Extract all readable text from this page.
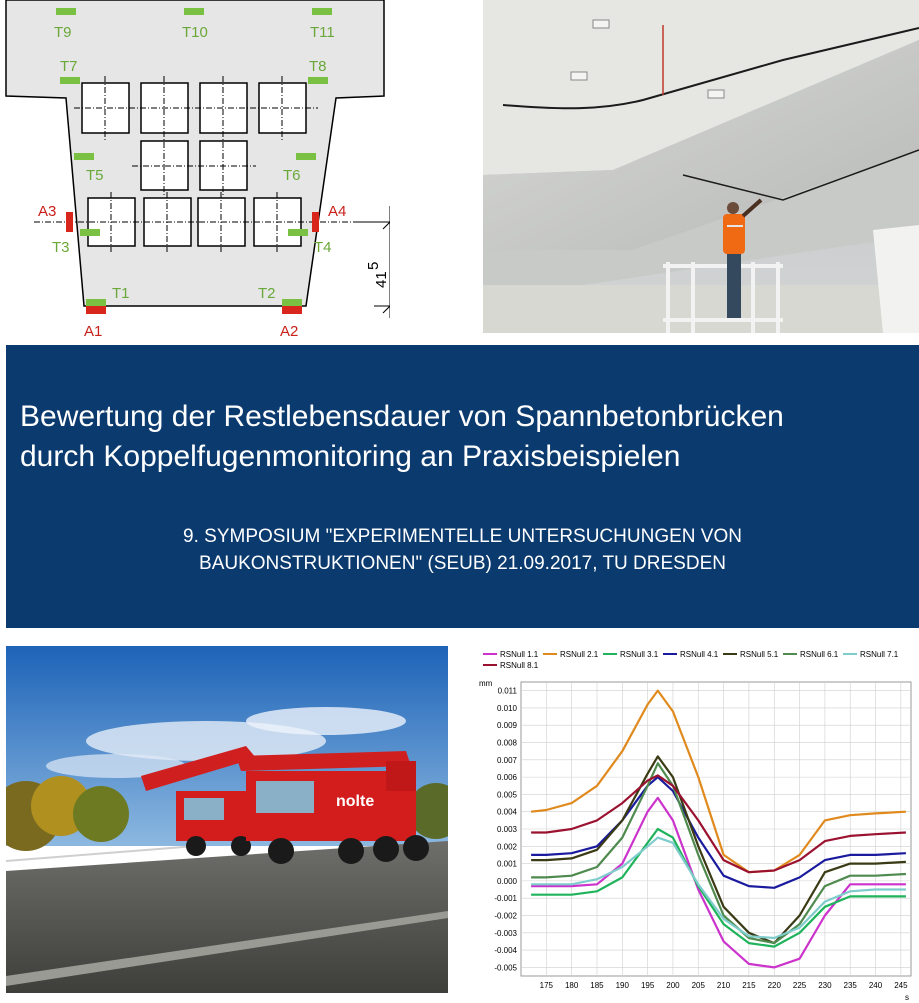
T9	T10	T11
T7	T8
T5	T6
T3	T4
T1	T2
A3	A4
A1	A2
41
5
Bewertung der Restlebensdauer von Spannbetonbrücken
durch Koppelfugenmonitoring an Praxisbeispielen
9. SYMPOSIUM "EXPERIMENTELLE UNTERSUCHUNGEN VON
BAUKONSTRUKTIONEN" (SEUB) 21.09.2017, TU DRESDEN
nolte
0.011
0.010
0.009
0.008
0.007
0.006
0.005
0.004
0.003
0.002
0.001
0.000
-0.001
-0.002
-0.003
-0.004
-0.005
175 180 185 190 195 200 205 210 215 220 225 230 235 240 245
mm
s
RSNull 1.1	RSNull 2.1	RSNull 3.1	RSNull 4.1	RSNull 5.1	RSNull 6.1	RSNull 7.1
RSNull 8.1
